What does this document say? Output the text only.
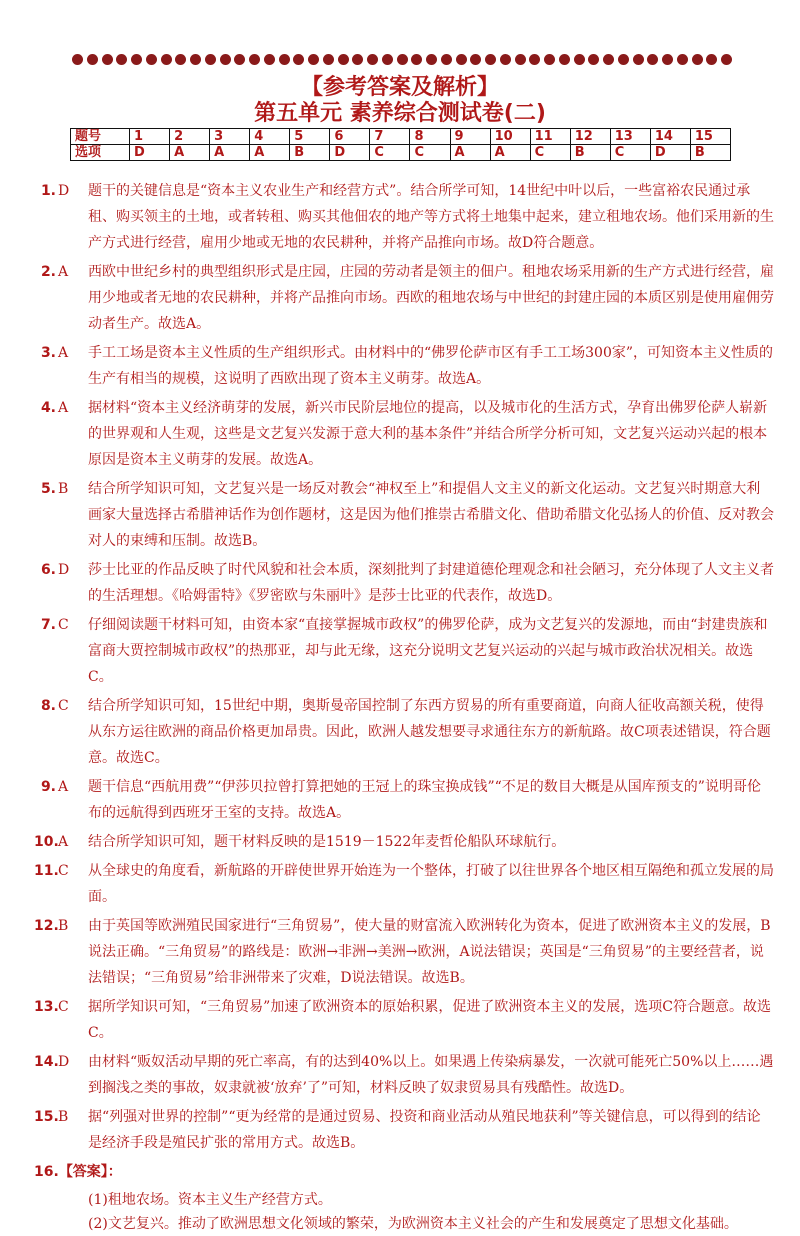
【参考答案及解析】
第五单元 素养综合测试卷(二)
题号	1	2	3	4	5	6	7	8	9	10	11	12	13	14	15
选项	D	A	A	A	B	D	C	C	A	A	C	B	C	D	B
1. D 题干的关键信息是“资本主义农业生产和经营方式”。结合所学可知，14世纪中叶以后，一些富裕农民通过承租、购买领主的土地，或者转租、购买其他佃农的地产等方式将土地集中起来，建立租地农场。他们采用新的生产方式进行经营，雇用少地或无地的农民耕种，并将产品推向市场。故D符合题意。
2. A 西欧中世纪乡村的典型组织形式是庄园，庄园的劳动者是领主的佃户。租地农场采用新的生产方式进行经营，雇用少地或者无地的农民耕种，并将产品推向市场。西欧的租地农场与中世纪的封建庄园的本质区别是使用雇佣劳动者生产。故选A。
3. A 手工工场是资本主义性质的生产组织形式。由材料中的“佛罗伦萨市区有手工工场300家”，可知资本主义性质的生产有相当的规模，这说明了西欧出现了资本主义萌芽。故选A。
4. A 据材料“资本主义经济萌芽的发展，新兴市民阶层地位的提高，以及城市化的生活方式，孕育出佛罗伦萨人崭新的世界观和人生观，这些是文艺复兴发源于意大利的基本条件”并结合所学分析可知，文艺复兴运动兴起的根本原因是资本主义萌芽的发展。故选A。
5. B 结合所学知识可知，文艺复兴是一场反对教会“神权至上”和提倡人文主义的新文化运动。文艺复兴时期意大利画家大量选择古希腊神话作为创作题材，这是因为他们推崇古希腊文化、借助希腊文化弘扬人的价值、反对教会对人的束缚和压制。故选B。
6. D 莎士比亚的作品反映了时代风貌和社会本质，深刻批判了封建道德伦理观念和社会陋习，充分体现了人文主义者的生活理想。《哈姆雷特》《罗密欧与朱丽叶》是莎士比亚的代表作，故选D。
7. C 仔细阅读题干材料可知，由资本家“直接掌握城市政权”的佛罗伦萨，成为文艺复兴的发源地，而由“封建贵族和富商大贾控制城市政权”的热那亚，却与此无缘，这充分说明文艺复兴运动的兴起与城市政治状况相关。故选C。
8. C 结合所学知识可知，15世纪中期，奥斯曼帝国控制了东西方贸易的所有重要商道，向商人征收高额关税，使得从东方运往欧洲的商品价格更加昂贵。因此，欧洲人越发想要寻求通往东方的新航路。故C项表述错误，符合题意。故选C。
9. A 题干信息“西航用费”“伊莎贝拉曾打算把她的王冠上的珠宝换成钱”“不足的数目大概是从国库预支的”说明哥伦布的远航得到西班牙王室的支持。故选A。
10. A 结合所学知识可知，题干材料反映的是1519－1522年麦哲伦船队环球航行。
11. C 从全球史的角度看，新航路的开辟使世界开始连为一个整体，打破了以往世界各个地区相互隔绝和孤立发展的局面。
12. B 由于英国等欧洲殖民国家进行“三角贸易”，使大量的财富流入欧洲转化为资本，促进了欧洲资本主义的发展，B说法正确。“三角贸易”的路线是：欧洲→非洲→美洲→欧洲，A说法错误；英国是“三角贸易”的主要经营者，说法错误；“三角贸易”给非洲带来了灾难，D说法错误。故选B。
13. C 据所学知识可知，“三角贸易”加速了欧洲资本的原始积累，促进了欧洲资本主义的发展，选项C符合题意。故选C。
14. D 由材料“贩奴活动早期的死亡率高，有的达到40%以上。如果遇上传染病暴发，一次就可能死亡50%以上……遇到搁浅之类的事故，奴隶就被‘放弃’了”可知，材料反映了奴隶贸易具有残酷性。故选D。
15. B 据“列强对世界的控制”“更为经常的是通过贸易、投资和商业活动从殖民地获利”等关键信息，可以得到的结论是经济手段是殖民扩张的常用方式。故选B。
16.【答案】：
(1)租地农场。资本主义生产经营方式。
(2)文艺复兴。推动了欧洲思想文化领域的繁荣，为欧洲资本主义社会的产生和发展奠定了思想文化基础。
